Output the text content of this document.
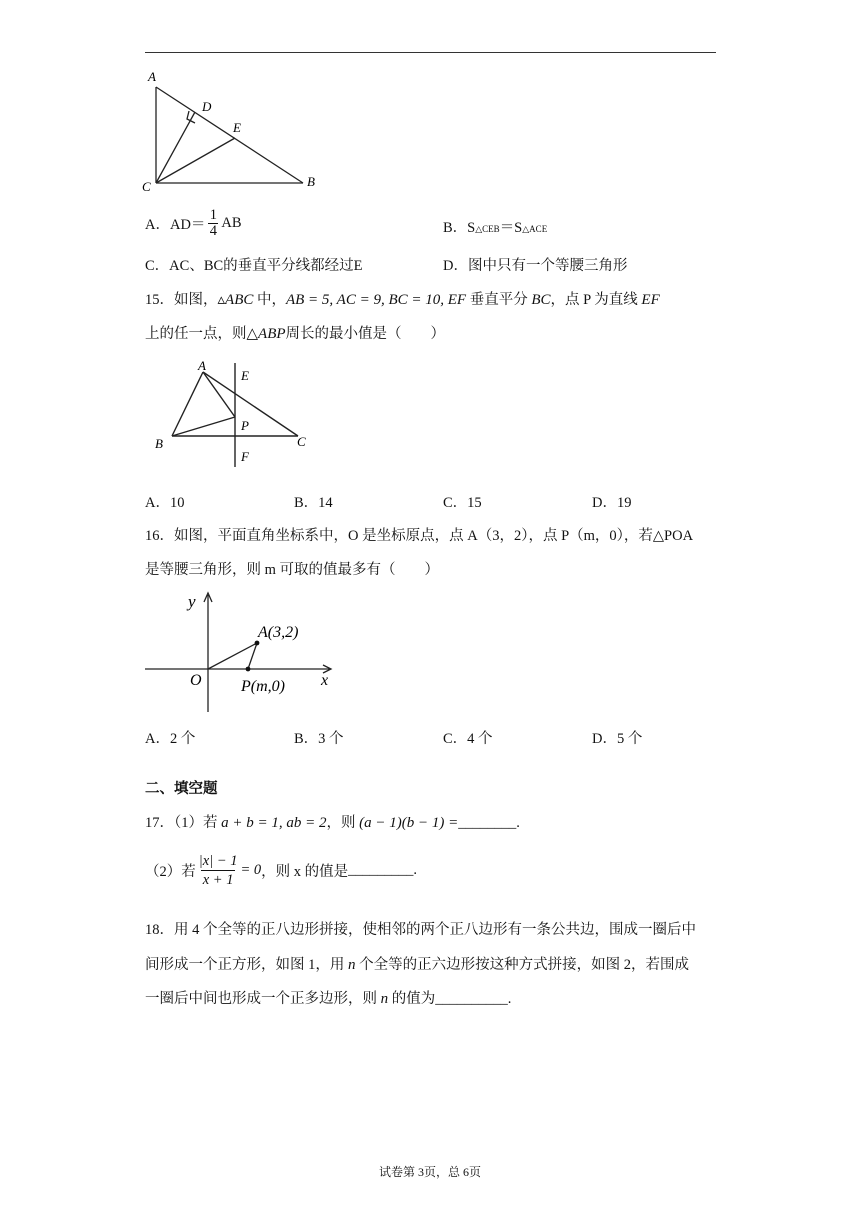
A
D
E
C	B
A．$AD= \frac{1}{4}$ AB	B．S△CEB＝S△ACE
C．AC、BC的垂直平分线都经过E	D．图中只有一个等腰三角形
15．如图，▵ABC 中，AB = 5, AC = 9, BC = 10, EF 垂直平分 BC，点 P 为直线 EF
上的任一点，则△ABP周长的最小值是（　　）
A
E
P
B	C
F
A．10	B．14	C．15	D．19
16．如图，平面直角坐标系中，O 是坐标原点，点 A（3，2），点 P（m，0），若△POA
是等腰三角形，则 m 可取的值最多有（　　）
y
x
O
A(3,2)
P(m,0)
A．2 个	B．3 个	C．4 个	D．5 个
二、填空题
17．（1）若 a + b = 1, ab = 2，则 (a − 1)(b − 1) =________.
（2）若 $\frac{|x| - 1}{x + 1} = 0$ ，则 x 的值是 _________.
18．用 4 个全等的正八边形拼接，使相邻的两个正八边形有一条公共边，围成一圈后中
间形成一个正方形，如图 1，用 n 个全等的正六边形按这种方式拼接，如图 2，若围成
一圈后中间也形成一个正多边形，则 n 的值为__________.
试卷第 3页，总 6页
